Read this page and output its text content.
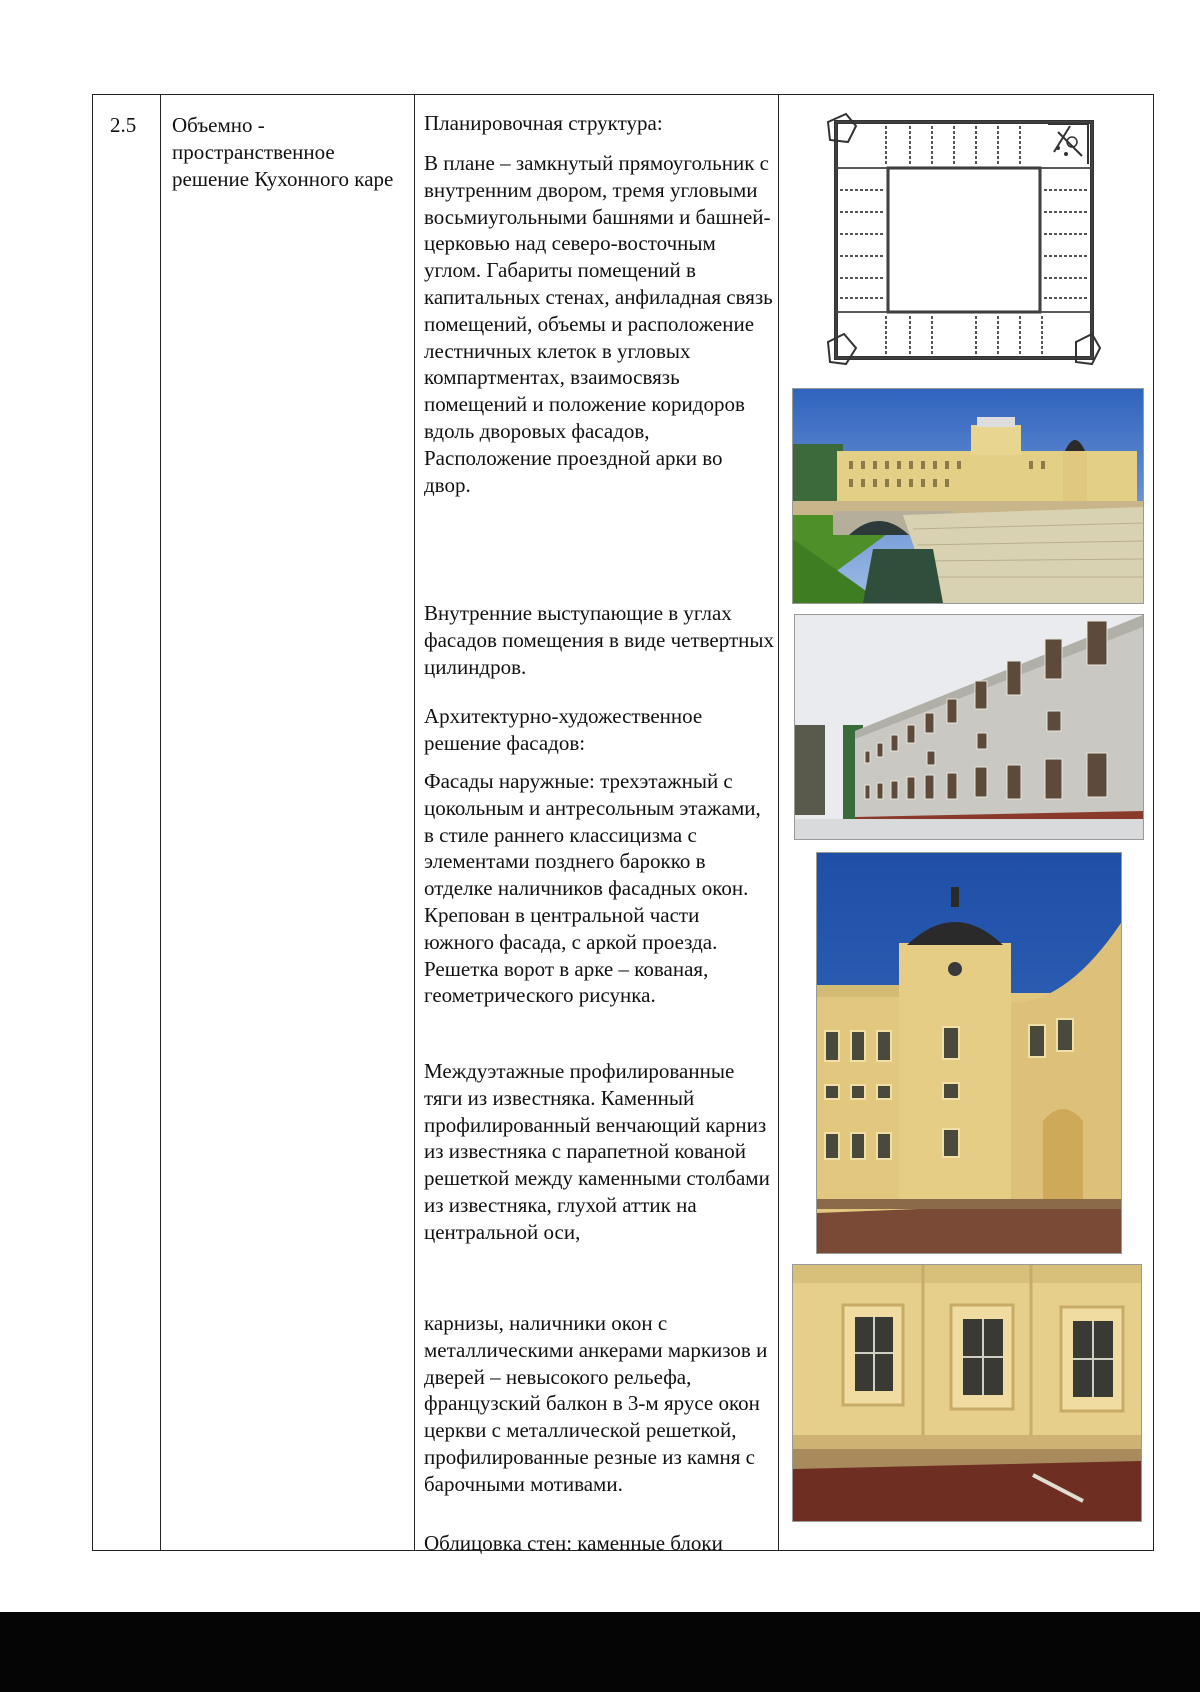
2.5 Объемно - пространственное решение Кухонного каре
Планировочная структура:
В плане – замкнутый прямоугольник с внутренним двором, тремя угловыми восьмиугольными башнями и башней-церковью над северо-восточным углом. Габариты помещений в капитальных стенах, анфиладная связь помещений, объемы и расположение лестничных клеток в угловых компартментах, взаимосвязь помещений и положение коридоров вдоль дворовых фасадов, Расположение проездной арки во двор.
Внутренние выступающие в углах фасадов помещения в виде четвертных цилиндров.
Архитектурно-художественное решение фасадов:
Фасады наружные: трехэтажный с цокольным и антресольным этажами, в стиле раннего классицизма с элементами позднего барокко в отделке наличников фасадных окон. Крепован в центральной части южного фасада, с аркой проезда. Решетка ворот в арке – кованая, геометрического рисунка.
Междуэтажные профилированные тяги из известняка. Каменный профилированный венчающий карниз из известняка с парапетной кованой решеткой между каменными столбами из известняка, глухой аттик на центральной оси,
карнизы, наличники окон с металлическими анкерами маркизов и дверей – невысокого рельефа, французский балкон в 3-м ярусе окон церкви с металлической решеткой, профилированные резные из камня с барочными мотивами.
Облицовка стен: каменные блоки
